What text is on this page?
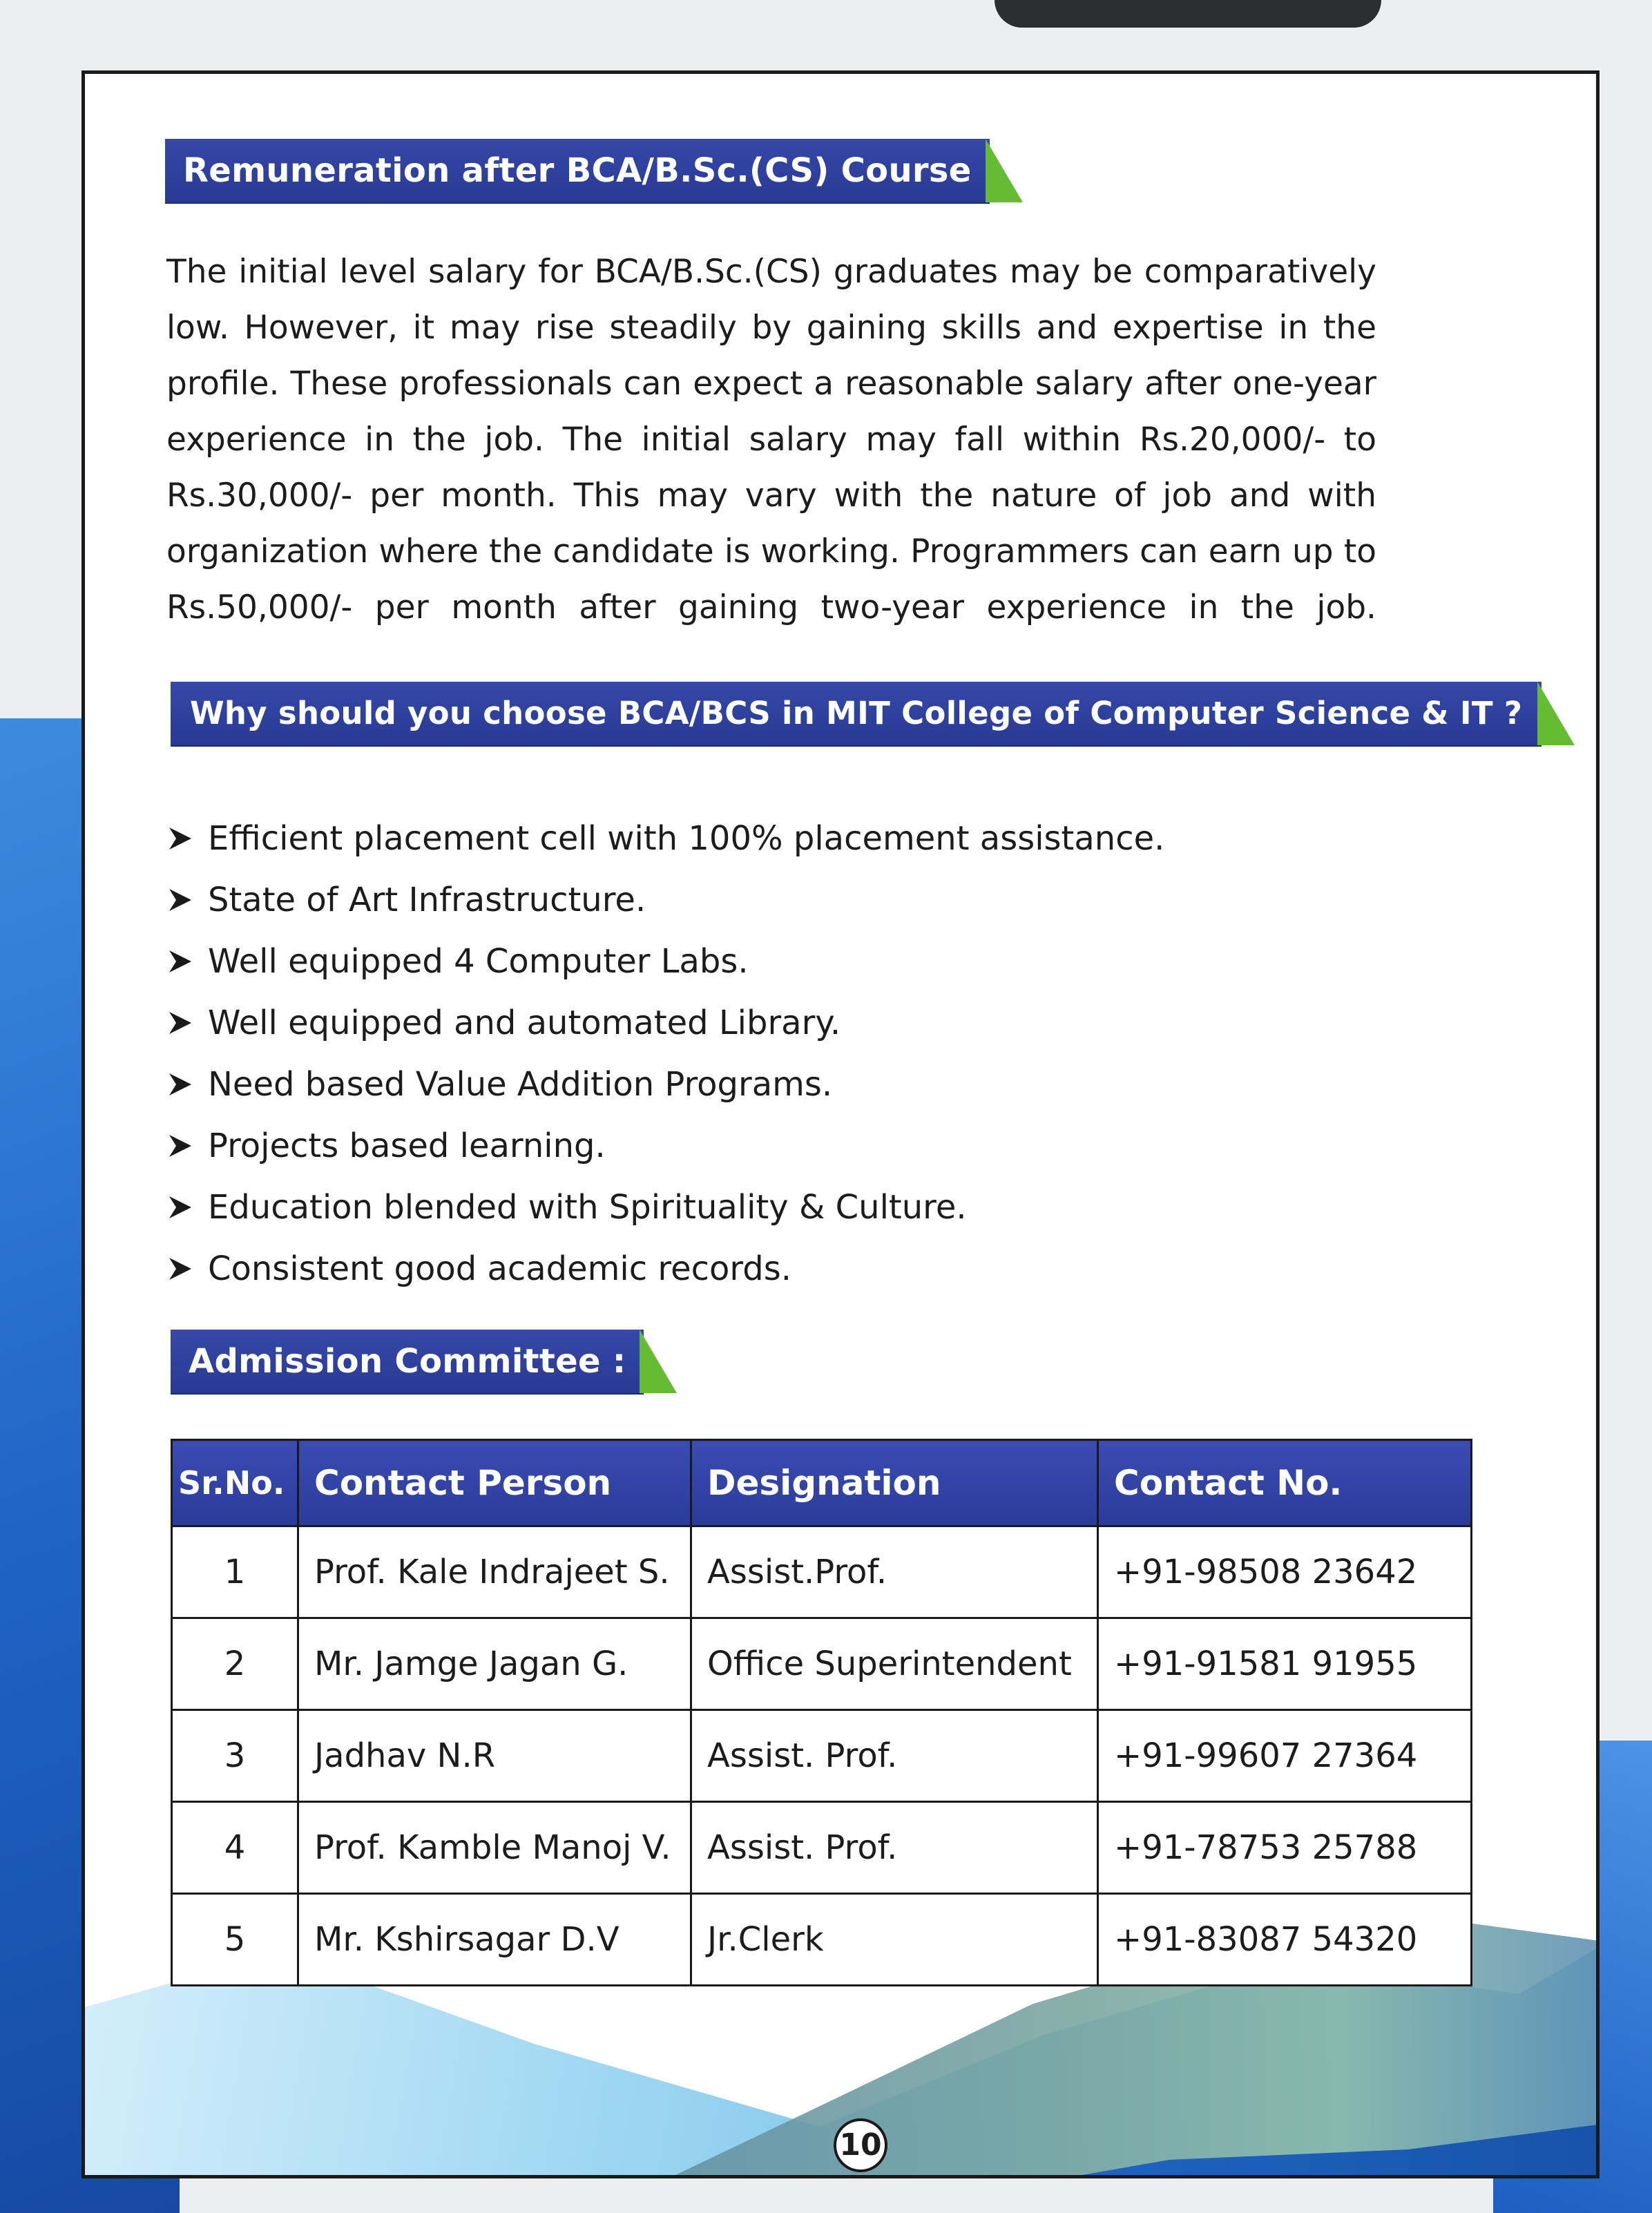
Remuneration after BCA/B.Sc.(CS) Course
The initial level salary for BCA/B.Sc.(CS) graduates may be comparatively
low. However, it may rise steadily by gaining skills and expertise in the
profile. These professionals can expect a reasonable salary after one-year
experience in the job. The initial salary may fall within Rs.20,000/- to
Rs.30,000/- per month. This may vary with the nature of job and with
organization where the candidate is working. Programmers can earn up to
Rs.50,000/- per month after gaining two-year experience in the job.
Why should you choose BCA/BCS in MIT College of Computer Science & IT ?
Efficient placement cell with 100% placement assistance.
State of Art Infrastructure.
Well equipped 4 Computer Labs.
Well equipped and automated Library.
Need based Value Addition Programs.
Projects based learning.
Education blended with Spirituality & Culture.
Consistent good academic records.
Admission Committee :
Sr.No.	Contact Person	Designation	Contact No.
1	Prof. Kale Indrajeet S.	Assist.Prof.	+91-98508 23642
2	Mr. Jamge Jagan G.	Office Superintendent	+91-91581 91955
3	Jadhav N.R	Assist. Prof.	+91-99607 27364
4	Prof. Kamble Manoj V.	Assist. Prof.	+91-78753 25788
5	Mr. Kshirsagar D.V	Jr.Clerk	+91-83087 54320
10
